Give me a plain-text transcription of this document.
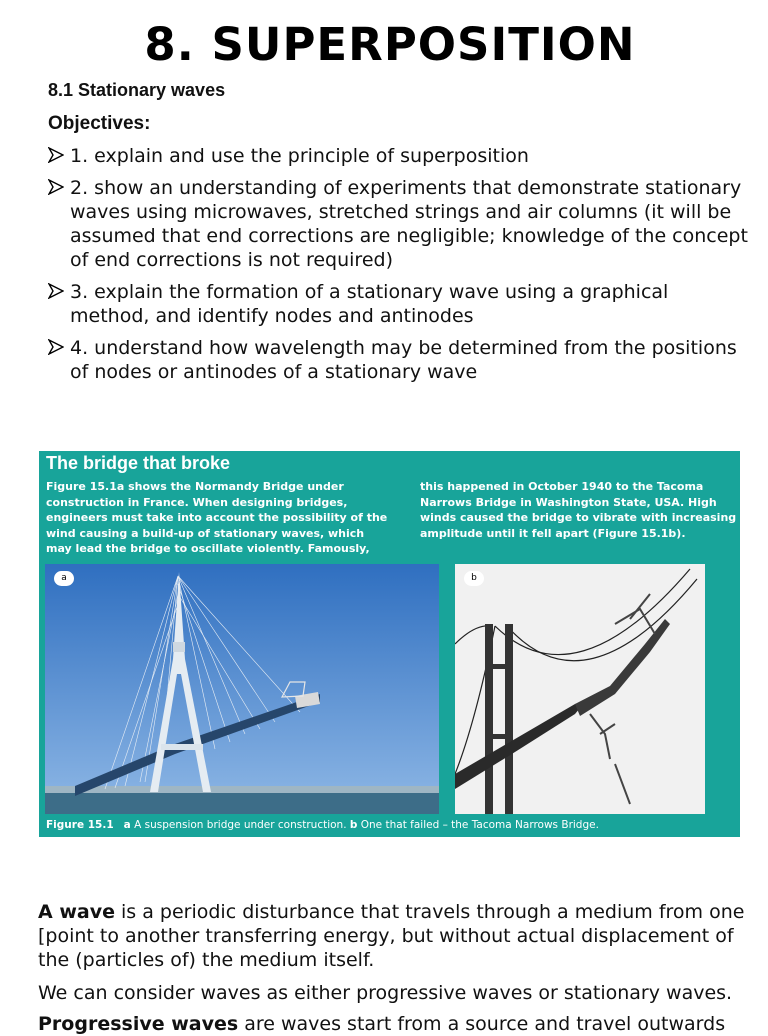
8. SUPERPOSITION
8.1 Stationary waves
Objectives:
1. explain and use the principle of superposition
2. show an understanding of experiments that demonstrate stationary waves using microwaves, stretched strings and air columns (it will be assumed that end corrections are negligible; knowledge of the concept of end corrections is not required)
3. explain the formation of a stationary wave using a graphical method, and identify nodes and antinodes
4. understand how wavelength may be determined from the positions of nodes or antinodes of a stationary wave
The bridge that broke
Figure 15.1a shows the Normandy Bridge under construction in France. When designing bridges, engineers must take into account the possibility of the wind causing a build-up of stationary waves, which may lead the bridge to oscillate violently. Famously,
this happened in October 1940 to the Tacoma Narrows Bridge in Washington State, USA. High winds caused the bridge to vibrate with increasing amplitude until it fell apart (Figure 15.1b).
a	b
Figure 15.1 a A suspension bridge under construction. b One that failed – the Tacoma Narrows Bridge.

A wave is a periodic disturbance that travels through a medium from one [point to another transferring energy, but without actual displacement of the (particles of) the medium itself.

We can consider waves as either progressive waves or stationary waves.

Progressive waves are waves start from a source and travel outwards
